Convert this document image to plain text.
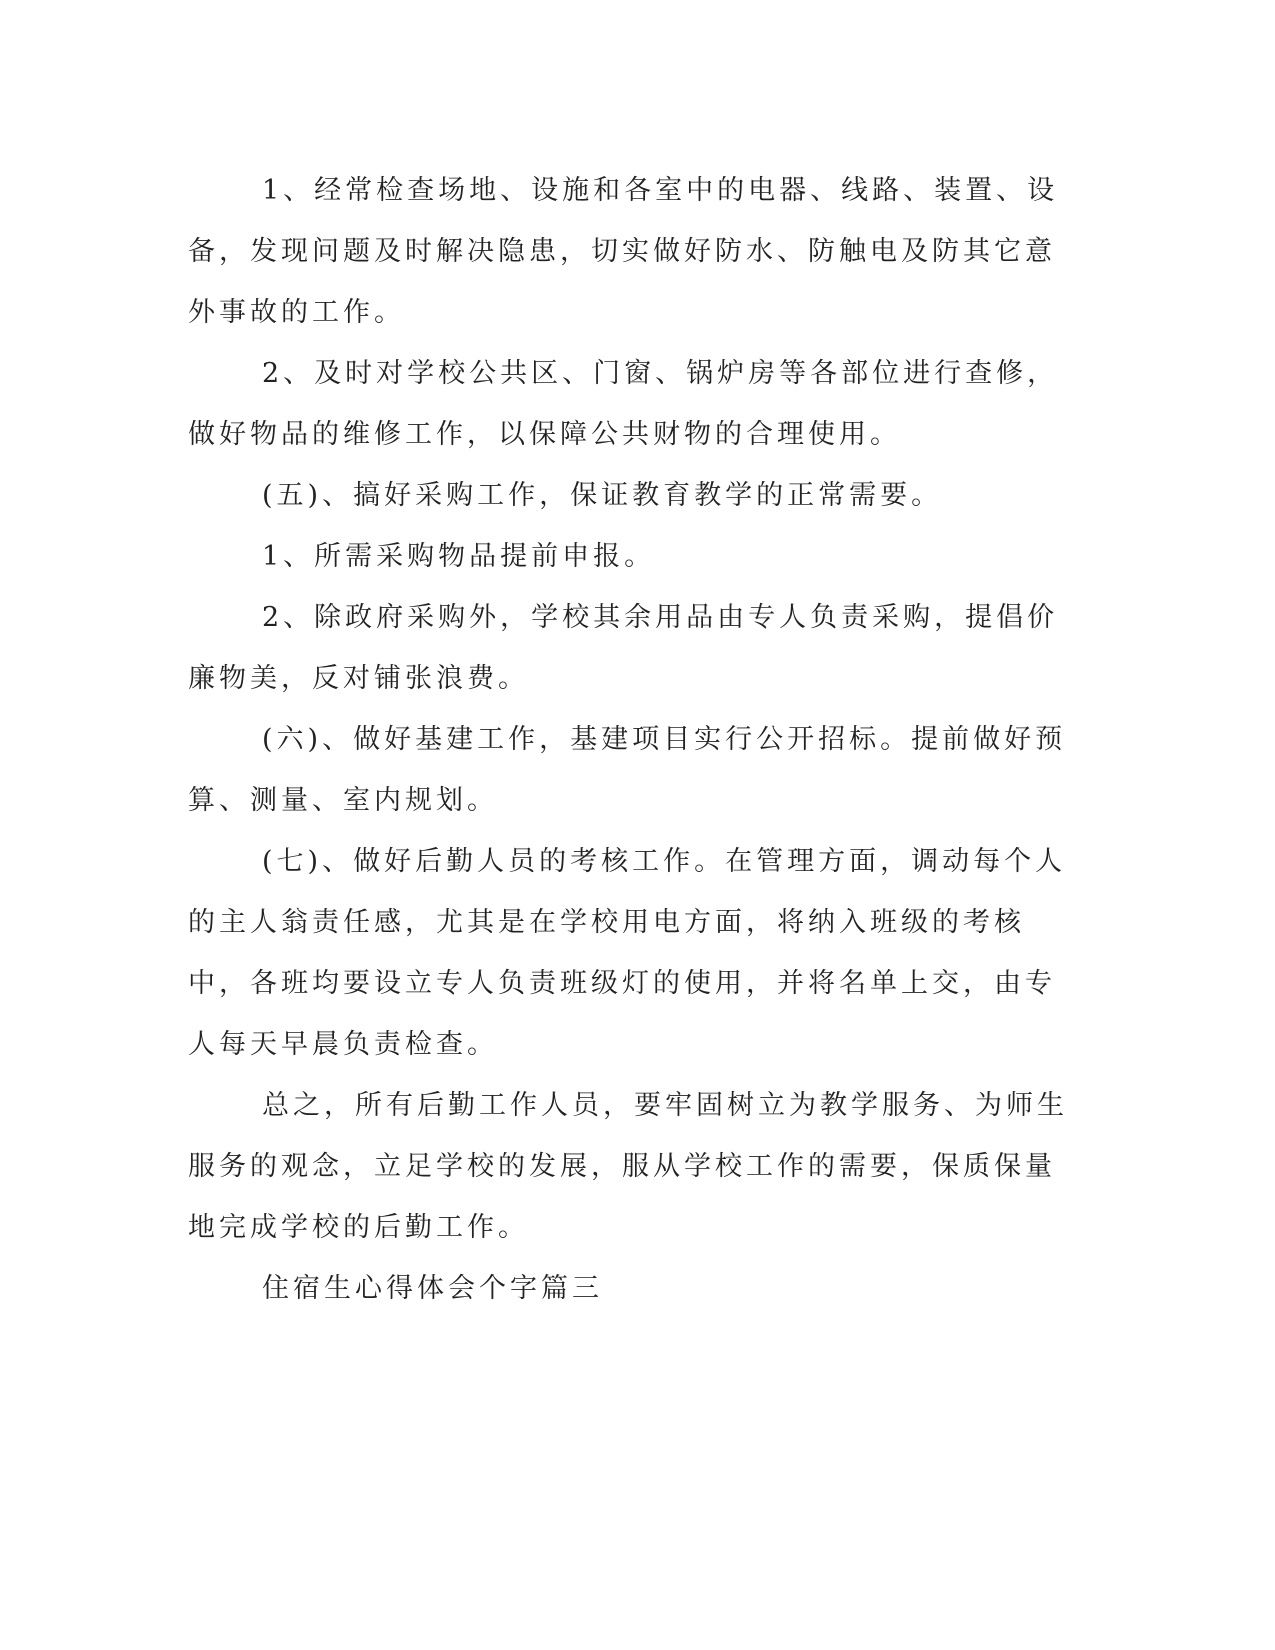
1、经常检查场地、设施和各室中的电器、线路、装置、设备，发现问题及时解决隐患，切实做好防水、防触电及防其它意外事故的工作。

2、及时对学校公共区、门窗、锅炉房等各部位进行查修，做好物品的维修工作，以保障公共财物的合理使用。

(五)、搞好采购工作，保证教育教学的正常需要。

1、所需采购物品提前申报。

2、除政府采购外，学校其余用品由专人负责采购，提倡价廉物美，反对铺张浪费。

(六)、做好基建工作，基建项目实行公开招标。提前做好预算、测量、室内规划。

(七)、做好后勤人员的考核工作。在管理方面，调动每个人的主人翁责任感，尤其是在学校用电方面，将纳入班级的考核中，各班均要设立专人负责班级灯的使用，并将名单上交，由专人每天早晨负责检查。

总之，所有后勤工作人员，要牢固树立为教学服务、为师生服务的观念，立足学校的发展，服从学校工作的需要，保质保量地完成学校的后勤工作。

住宿生心得体会个字篇三
